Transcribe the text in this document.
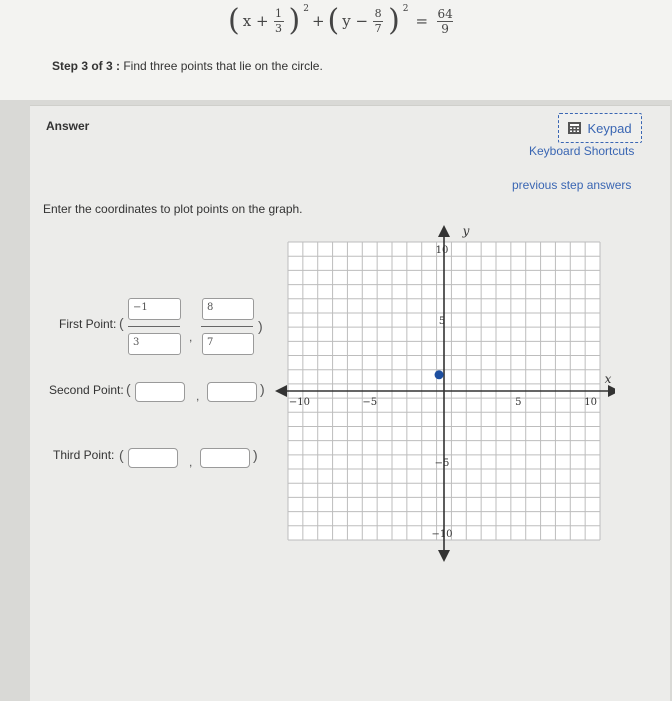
( $x + \frac{1}{3}$ ) 2
+ ( $y - \frac{8}{7}$ ) 2
= $\frac{64}{9}$
Step 3 of 3 : Find three points that lie on the circle.
Answer	Keypad
Keyboard Shortcuts
previous step answers
Enter the coordinates to plot points on the graph.
First Point: (
−1
3	,
8
7
)
Second Point: (	,	)
Third Point: (	,	)
−10	−5	5	10
10
5
−5
−10
x
y
